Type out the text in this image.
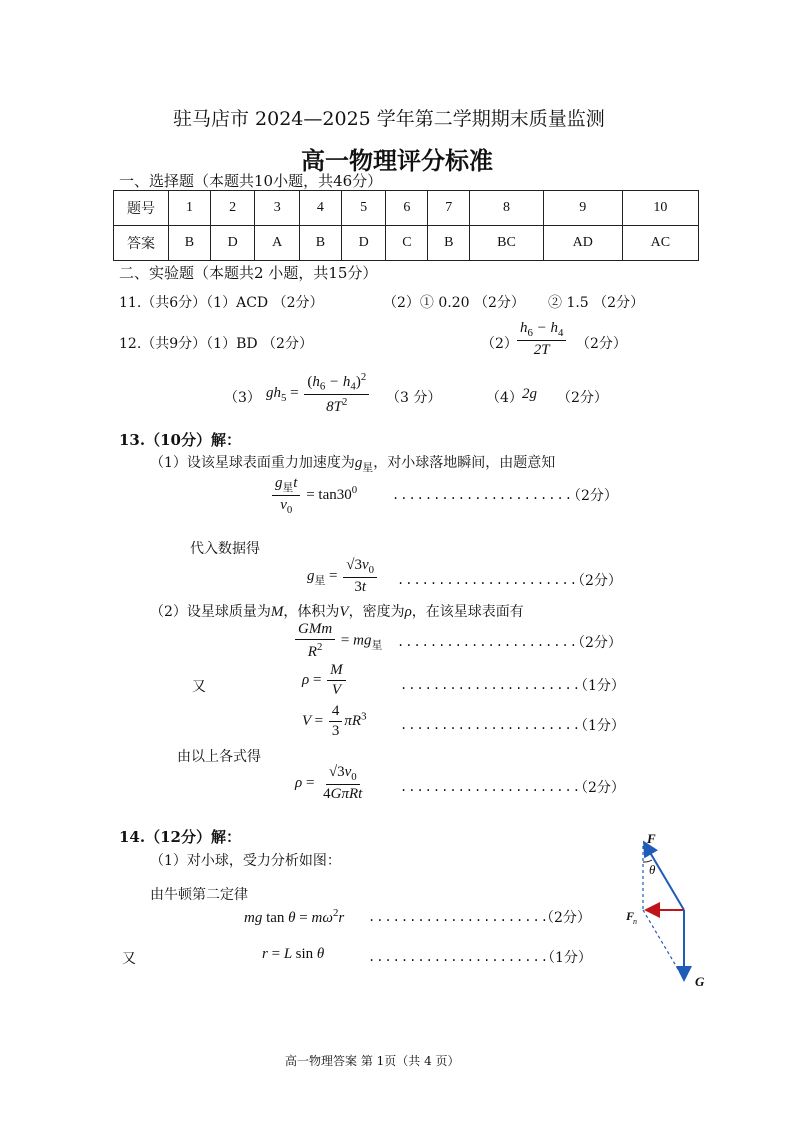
驻马店市 2024—2025 学年第二学期期末质量监测
高一物理评分标准
一、选择题（本题共10小题，共46分）
题号	1	2	3	4	5	6	7	8	9	10
答案	B	D	A	B	D	C	B	BC	AD	AC
二、实验题（本题共2 小题，共15分）
11.（共6分）（1）ACD （2分）	（2）① 0.20 （2分） ② 1.5 （2分）
12.（共9分）（1）BD （2分）	$(2) \frac{h_6 - h_4}{2T} (2$分）
（3） $gh_5 = \frac{(h_6 - h_4)^2}{8T^2} (3$ 分）	（4） 2g （2分）
13.（10分）解：
（1）设该星球表面重力加速度为$g_星$，对小球落地瞬间，由题意知
$\frac{g_星t}{v_0} = \tan 30^0$	......................
（2分）
代入数据得
$g_星 = \frac{√3v_0}{3t}$ ......................
（2分）
（2）设星球质量为M，体积为V，密度为ρ，在该星球表面有
$\frac{\text{GMm}}{R^2} = mg_星$ ......................
（2分）
又	$\rho = \frac{M}{V}$	......................
（1分）
$V = \frac{4}{3} \pi R^3$
......................
（1分）
由以上各式得
$\rho = \frac{√3v_0}{\text{4GπRt}}$	......................
（2分）
14.（12分）解：
（1）对小球，受力分析如图：
由牛顿第二定律
mg $\tan \theta = m\omega^2r$ ......................
（2分）
又	r = L sin θ	......................
（1分）
F
θ
F
n
G
高一物理答案 第 1页（共 4 页）
